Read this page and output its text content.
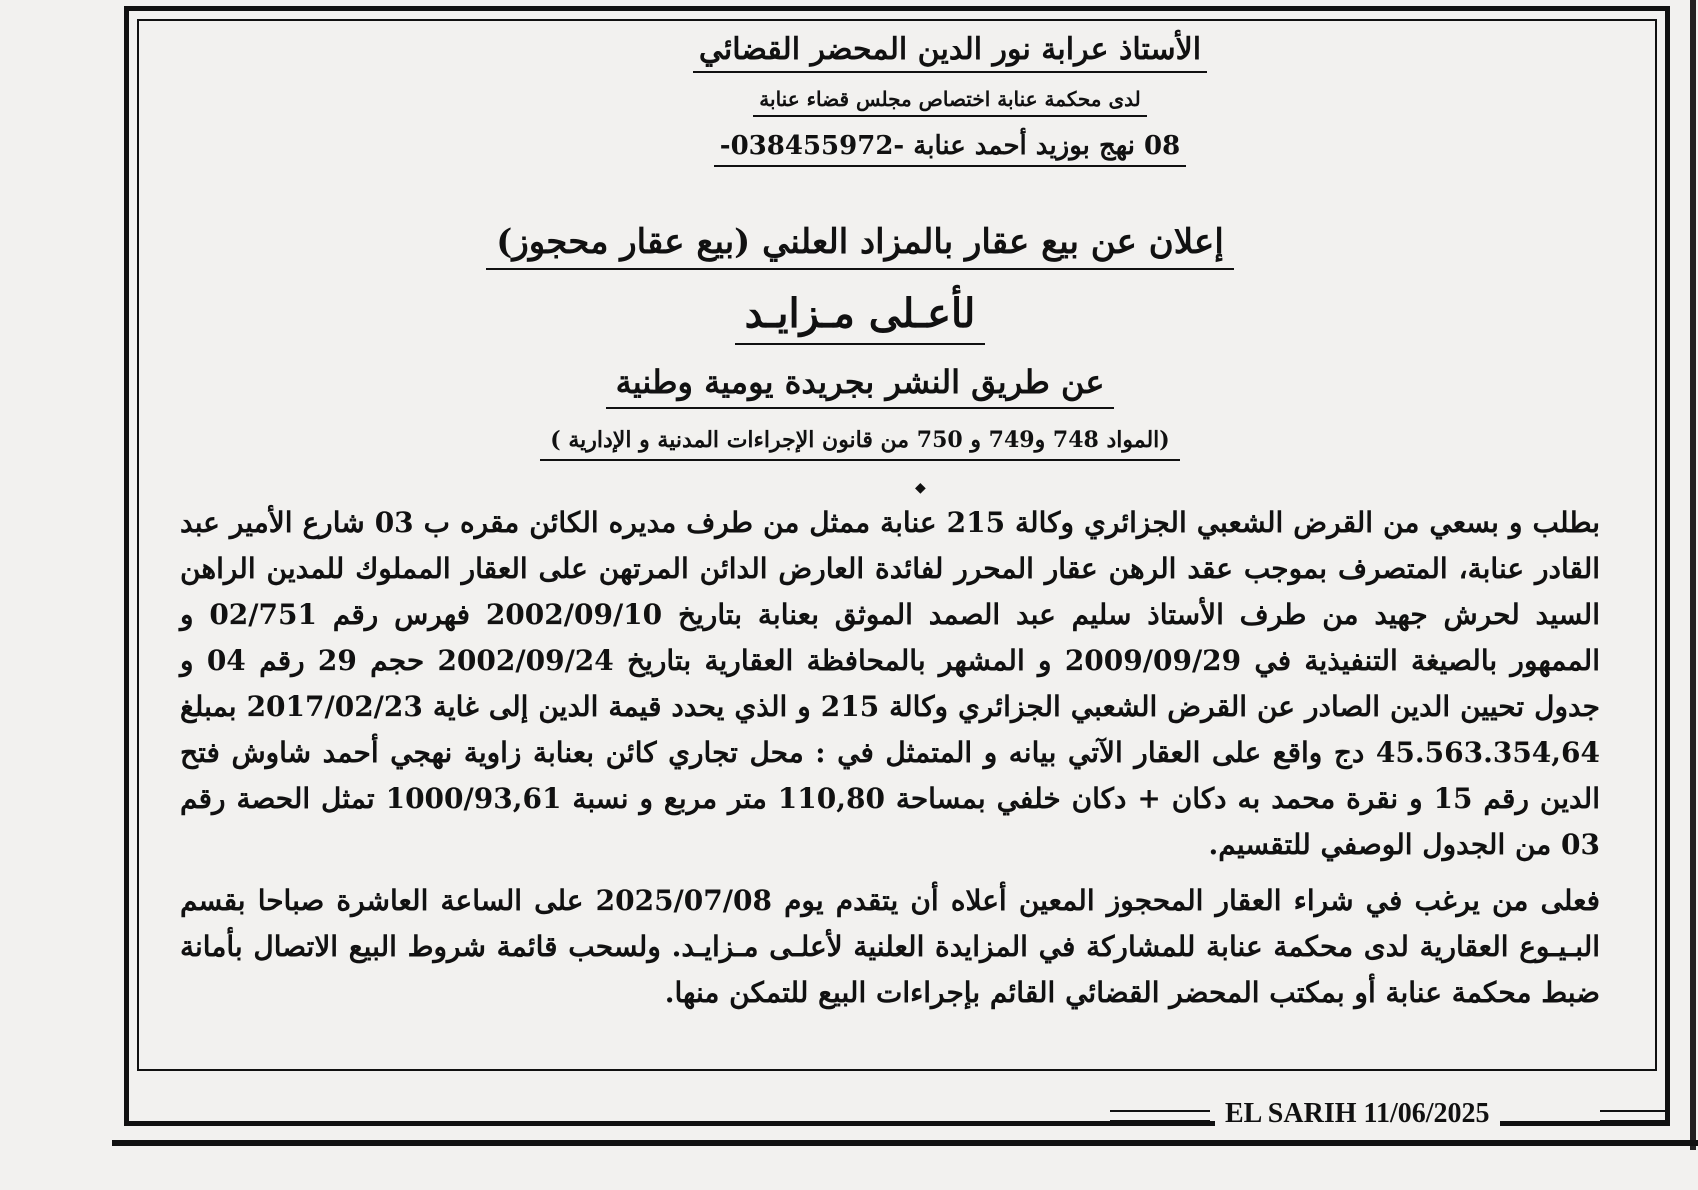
الأستاذ عرابة نور الدين المحضر القضائي
لدى محكمة عنابة اختصاص مجلس قضاء عنابة
08 نهج بوزيد أحمد عنابة -038455972-
إعلان عن بيع عقار بالمزاد العلني (بيع عقار محجوز)
لأعـلى مـزايـد
عن طريق النشر بجريدة يومية وطنية
(المواد 748 و749 و 750 من قانون الإجراءات المدنية و الإدارية )
◆

بطلب و بسعي من القرض الشعبي الجزائري وكالة 215 عنابة ممثل من طرف مديره الكائن مقره ب 03 شارع الأمير عبد القادر عنابة، المتصرف بموجب عقد الرهن عقار المحرر لفائدة العارض الدائن المرتهن على العقار المملوك للمدين الراهن السيد لحرش جهيد من طرف الأستاذ سليم عبد الصمد الموثق بعنابة بتاريخ 2002/09/10 فهرس رقم 02/751 و الممهور بالصيغة التنفيذية في 2009/09/29 و المشهر بالمحافظة العقارية بتاريخ 2002/09/24 حجم 29 رقم 04 و جدول تحيين الدين الصادر عن القرض الشعبي الجزائري وكالة 215 و الذي يحدد قيمة الدين إلى غاية 2017/02/23 بمبلغ 45.563.354,64 دج واقع على العقار الآتي بيانه و المتمثل في : محل تجاري كائن بعنابة زاوية نهجي أحمد شاوش فتح الدين رقم 15 و نقرة محمد به دكان + دكان خلفي بمساحة 110,80 متر مربع و نسبة 1000/93,61 تمثل الحصة رقم 03 من الجدول الوصفي للتقسيم.

فعلى من يرغب في شراء العقار المحجوز المعين أعلاه أن يتقدم يوم 2025/07/08 على الساعة العاشرة صباحا بقسم البـيـوع العقارية لدى محكمة عنابة للمشاركة في المزايدة العلنية لأعلـى مـزايـد. ولسحب قائمة شروط البيع الاتصال بأمانة ضبط محكمة عنابة أو بمكتب المحضر القضائي القائم بإجراءات البيع للتمكن منها.

EL SARIH 11/06/2025
